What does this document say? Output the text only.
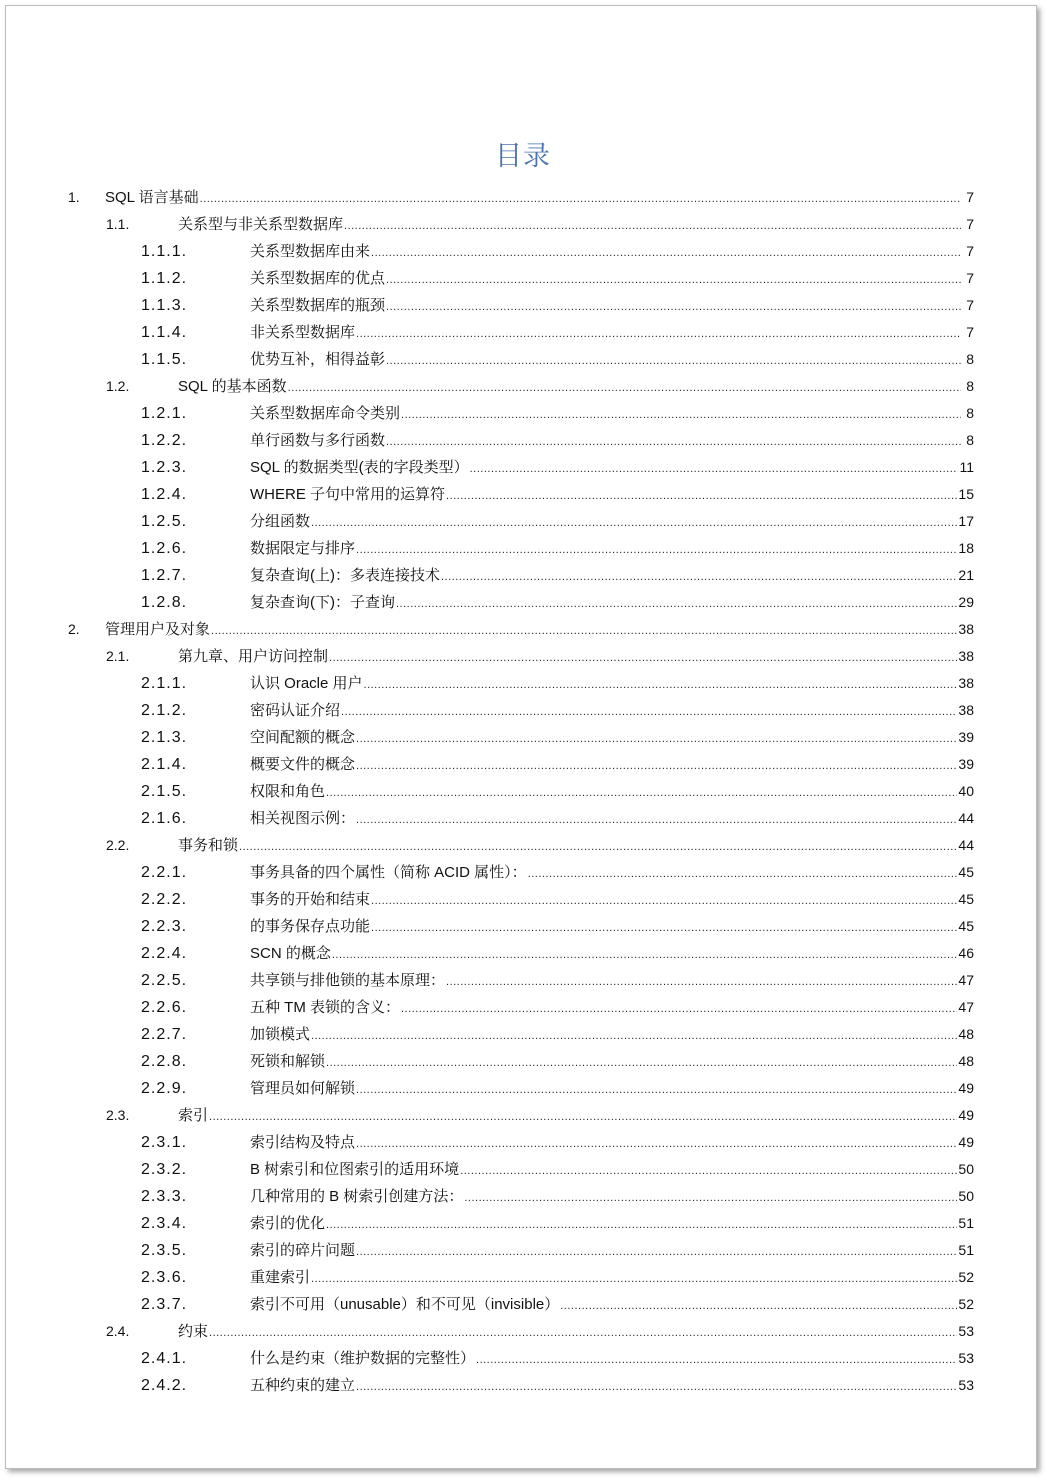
目录
1. SQL 语言基础 .....	7
1.1.	关系型与非关系型数据库 .....	7
1.1.1.	关系型数据库由来 .....	7
1.1.2.	关系型数据库的优点 .....	7
1.1.3.	关系型数据库的瓶颈 .....	7
1.1.4.	非关系型数据库 .....	7
1.1.5.	优势互补，相得益彰 .....	8
1.2.	SQL 的基本函数 .....	8
1.2.1.	关系型数据库命令类别 .....	8
1.2.2.	单行函数与多行函数 .....	8
1.2.3.	SQL 的数据类型(表的字段类型） .....	11
1.2.4.	WHERE 子句中常用的运算符 .....	15
1.2.5.	分组函数 .....	17
1.2.6.	数据限定与排序 .....	18
1.2.7.	复杂查询(上)：多表连接技术 .....	21
1.2.8.	复杂查询(下)：子查询 .....	29
2. 管理用户及对象 .....	38
2.1.	第九章、用户访问控制 .....	38
2.1.1.	认识 Oracle 用户 .....	38
2.1.2.	密码认证介绍 .....	38
2.1.3.	空间配额的概念 .....	39
2.1.4.	概要文件的概念 .....	39
2.1.5.	权限和角色 .....	40
2.1.6.	相关视图示例： .....	44
2.2.	事务和锁 .....	44
2.2.1.	事务具备的四个属性（简称 ACID 属性）： .....	45
2.2.2.	事务的开始和结束 .....	45
2.2.3.	的事务保存点功能 .....	45
2.2.4.	SCN 的概念 .....	46
2.2.5.	共享锁与排他锁的基本原理： .....	47
2.2.6.	五种 TM 表锁的含义： .....	47
2.2.7.	加锁模式 .....	48
2.2.8.	死锁和解锁 .....	48
2.2.9.	管理员如何解锁 .....	49
2.3.	索引 .....	49
2.3.1.	索引结构及特点 .....	49
2.3.2.	B 树索引和位图索引的适用环境 .....	50
2.3.3.	几种常用的 B 树索引创建方法： .....	50
2.3.4.	索引的优化 .....	51
2.3.5.	索引的碎片问题 .....	51
2.3.6.	重建索引 .....	52
2.3.7.	索引不可用（unusable）和不可见（invisible） .....	52
2.4.	约束 .....	53
2.4.1.	什么是约束（维护数据的完整性） .....	53
2.4.2.	五种约束的建立 .....	53
